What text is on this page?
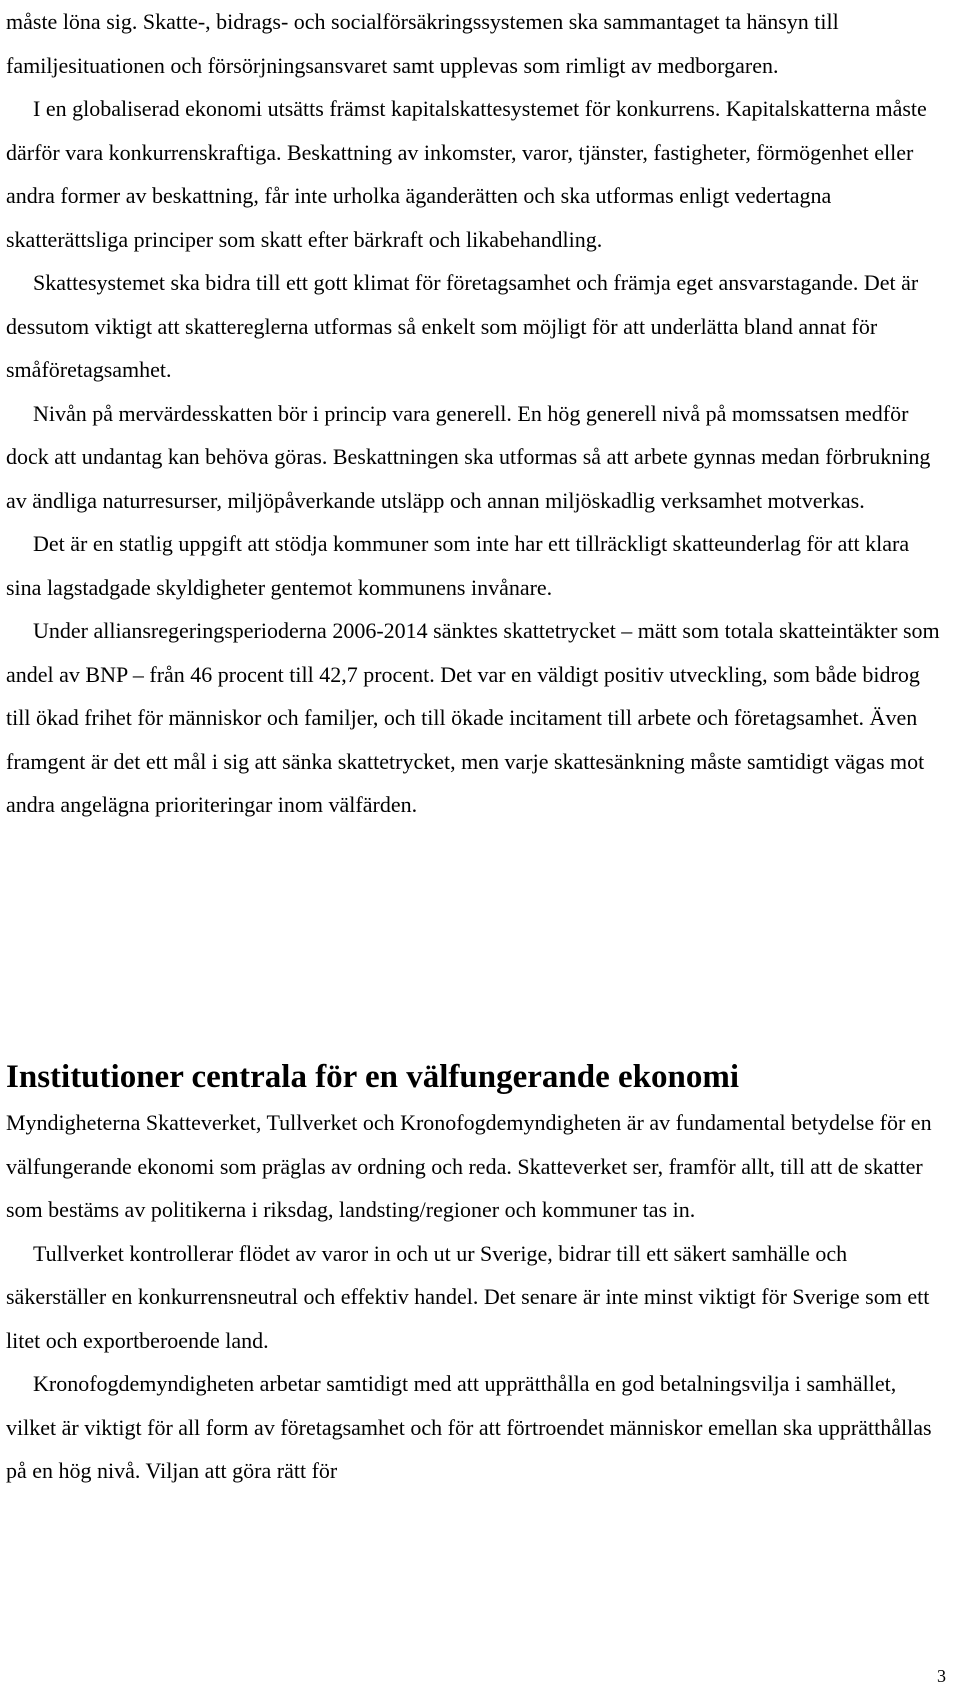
måste löna sig. Skatte-, bidrags- och socialförsäkringssystemen ska sammantaget ta hänsyn till familjesituationen och försörjningsansvaret samt upplevas som rimligt av medborgaren.

I en globaliserad ekonomi utsätts främst kapitalskattesystemet för konkurrens. Kapitalskatterna måste därför vara konkurrenskraftiga. Beskattning av inkomster, varor, tjänster, fastigheter, förmögenhet eller andra former av beskattning, får inte urholka äganderätten och ska utformas enligt vedertagna skatterättsliga principer som skatt efter bärkraft och likabehandling.

Skattesystemet ska bidra till ett gott klimat för företagsamhet och främja eget ansvarstagande. Det är dessutom viktigt att skattereglerna utformas så enkelt som möjligt för att underlätta bland annat för småföretagsamhet.

Nivån på mervärdesskatten bör i princip vara generell. En hög generell nivå på momssatsen medför dock att undantag kan behöva göras. Beskattningen ska utformas så att arbete gynnas medan förbrukning av ändliga naturresurser, miljöpåverkande utsläpp och annan miljöskadlig verksamhet motverkas.

Det är en statlig uppgift att stödja kommuner som inte har ett tillräckligt skatteunderlag för att klara sina lagstadgade skyldigheter gentemot kommunens invånare.

Under alliansregeringsperioderna 2006-2014 sänktes skattetrycket – mätt som totala skatteintäkter som andel av BNP – från 46 procent till 42,7 procent. Det var en väldigt positiv utveckling, som både bidrog till ökad frihet för människor och familjer, och till ökade incitament till arbete och företagsamhet. Även framgent är det ett mål i sig att sänka skattetrycket, men varje skattesänkning måste samtidigt vägas mot andra angelägna prioriteringar inom välfärden.

Institutioner centrala för en välfungerande ekonomi

Myndigheterna Skatteverket, Tullverket och Kronofogdemyndigheten är av fundamental betydelse för en välfungerande ekonomi som präglas av ordning och reda. Skatteverket ser, framför allt, till att de skatter som bestäms av politikerna i riksdag, landsting/regioner och kommuner tas in.

Tullverket kontrollerar flödet av varor in och ut ur Sverige, bidrar till ett säkert samhälle och säkerställer en konkurrensneutral och effektiv handel. Det senare är inte minst viktigt för Sverige som ett litet och exportberoende land.

Kronofogdemyndigheten arbetar samtidigt med att upprätthålla en god betalningsvilja i samhället, vilket är viktigt för all form av företagsamhet och för att förtroendet människor emellan ska upprätthållas på en hög nivå. Viljan att göra rätt för

3
